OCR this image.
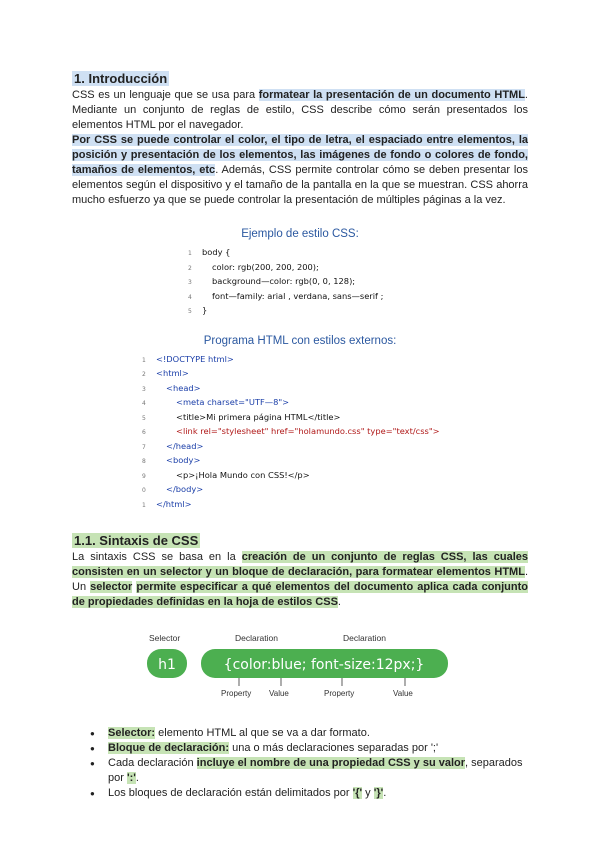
1. Introducción

CSS es un lenguaje que se usa para formatear la presentación de un documento HTML. Mediante un conjunto de reglas de estilo, CSS describe cómo serán presentados los elementos HTML por el navegador.

Por CSS se puede controlar el color, el tipo de letra, el espaciado entre elementos, la posición y presentación de los elementos, las imágenes de fondo o colores de fondo, tamaños de elementos, etc. Además, CSS permite controlar cómo se deben presentar los elementos según el dispositivo y el tamaño de la pantalla en la que se muestran. CSS ahorra mucho esfuerzo ya que se puede controlar la presentación de múltiples páginas a la vez.

Ejemplo de estilo CSS:
1 body {
2 color: rgb(200, 200, 200);
3 background—color: rgb(0, 0, 128);
4 font—family: arial , verdana, sans—serif ;
5 }
Programa HTML con estilos externos:
1 <!DOCTYPE html>
2 <html>
3 <head>
4	<meta charset="UTF—8">
5	<title>Mi primera página HTML</title>
6	<link rel="stylesheet" href="holamundo.css" type="text/css">
7 </head>
8 <body>
9	<p>¡Hola Mundo con CSS!</p>
0 </body>
1 </html>
1.1. Sintaxis de CSS

La sintaxis CSS se basa en la creación de un conjunto de reglas CSS, las cuales consisten en un selector y un bloque de declaración, para formatear elementos HTML. Un selector permite especificar a qué elementos del documento aplica cada conjunto de propiedades definidas en la hoja de estilos CSS.

Selector	Declaration	Declaration
h1	{color:blue; font-size:12px;}
Property Value	Property	Value
● Selector: elemento HTML al que se va a dar formato.
● Bloque de declaración: una o más declaraciones separadas por ';'
● Cada declaración incluye el nombre de una propiedad CSS y su valor, separados por ':'.
● Los bloques de declaración están delimitados por '{' y '}'.
